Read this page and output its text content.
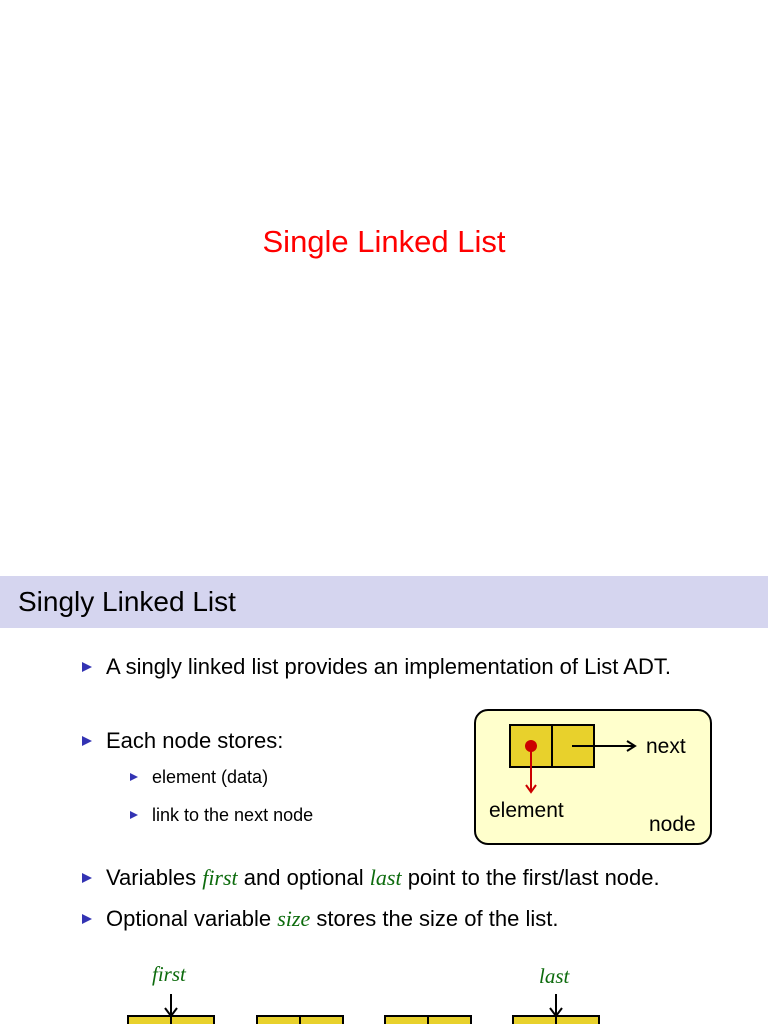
Single Linked List
Singly Linked List
A singly linked list provides an implementation of List ADT.
Each node stores:
element (data)
link to the next node
next
element
node
Variables first and optional last point to the first/last node.
Optional variable size stores the size of the list.
first	last
